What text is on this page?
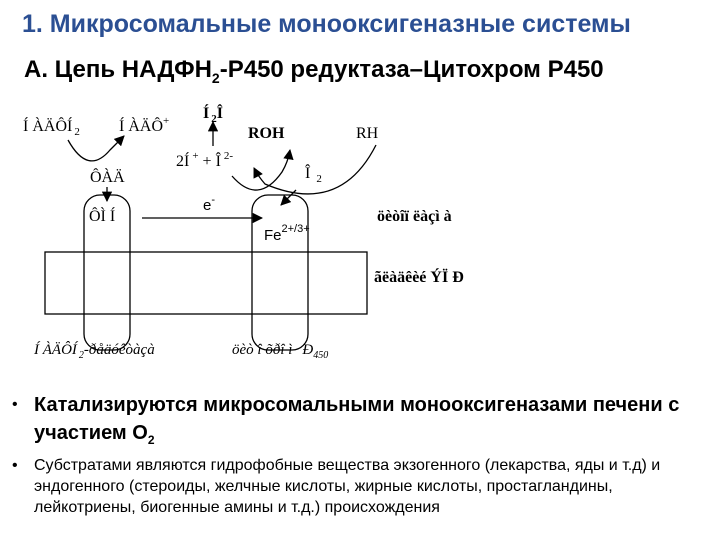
1. Микросомальные монооксигеназные системы
А. Цепь $НАДФН_2-Р450$ редуктаза–Цитохром Р450
Í ÀÄÔÍ $_2$ Í ÀÄÔ+ Í $_2$Î
ROH	RH
ÔÀÄ
ÔÌ Í
2Í + + Î $^{2-}$
Î $_2$
e-
$Fe^{2+/3+}$
öèòîï ëàçì à
ãëàäêèé ÝÏ Ð
Í ÀÄÔÍ $_2$-ðåäóêòàçà	öèò î õðî ì $Ð_{450}$
• Катализируются микросомальными монооксигеназами печени с участием $О_2$
• Субстратами являются гидрофобные вещества экзогенного (лекарства, яды и т.д) и эндогенного (стероиды, желчные кислоты, жирные кислоты, простагландины, лейкотриены, биогенные амины и т.д.) происхождения
